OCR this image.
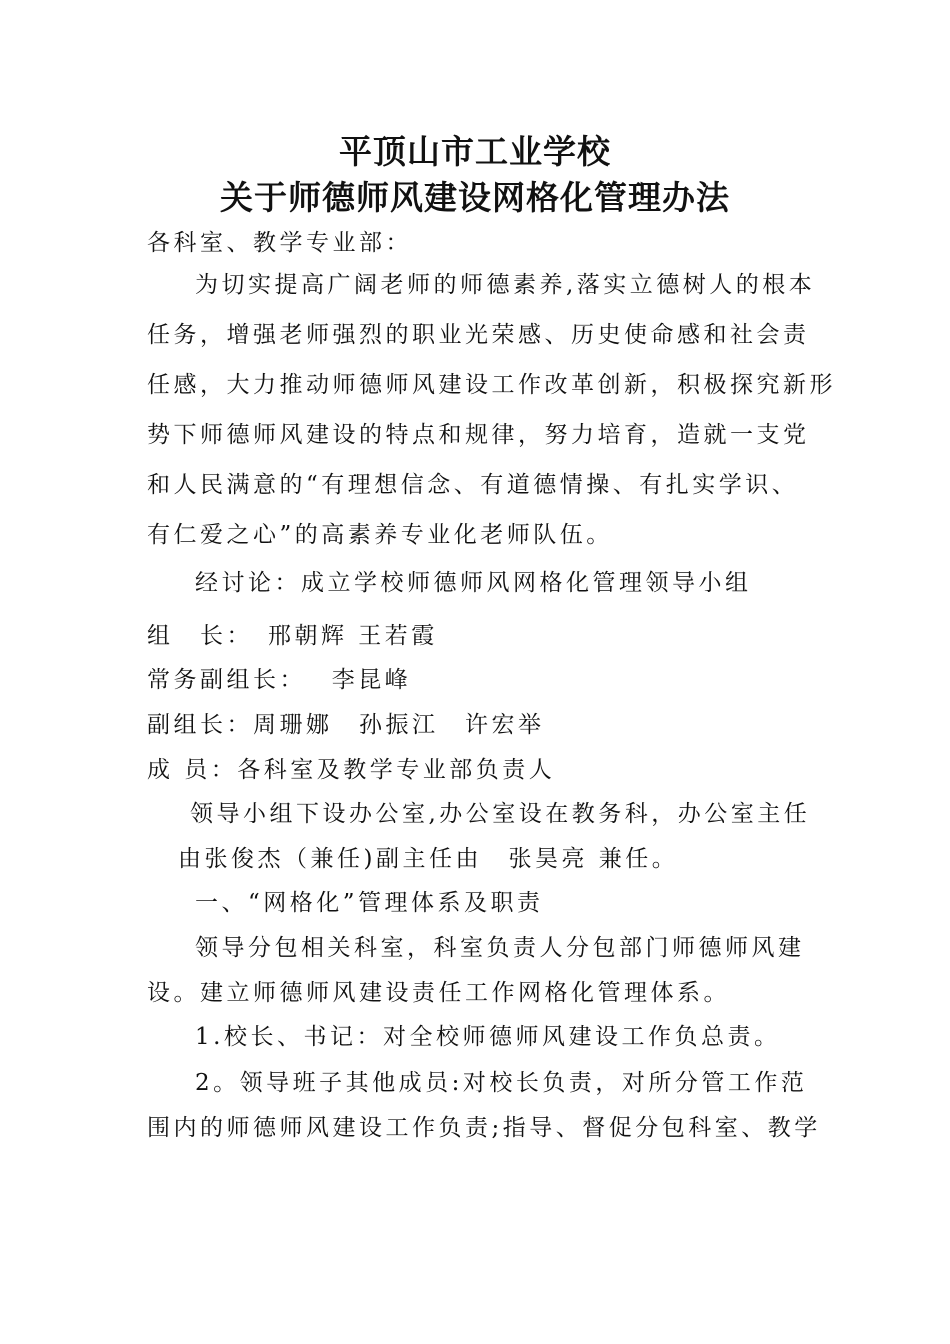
平顶山市工业学校
关于师德师风建设网格化管理办法
各科室、教学专业部：
为切实提高广阔老师的师德素养,落实立德树人的根本
任务，增强老师强烈的职业光荣感、历史使命感和社会责
任感，大力推动师德师风建设工作改革创新，积极探究新形
势下师德师风建设的特点和规律，努力培育，造就一支党
和人民满意的“有理想信念、有道德情操、有扎实学识、
有仁爱之心”的高素养专业化老师队伍。
经讨论：成立学校师德师风网格化管理领导小组
组　长：　邢朝辉 王若霞
常务副组长：　 李昆峰
副组长：周珊娜　孙振江　许宏举
成 员：各科室及教学专业部负责人
领导小组下设办公室,办公室设在教务科，办公室主任
由张俊杰（兼任)副主任由　张昊亮 兼任。
一、“网格化”管理体系及职责
领导分包相关科室，科室负责人分包部门师德师风建
设。建立师德师风建设责任工作网格化管理体系。
1.校长、书记：对全校师德师风建设工作负总责。
2。领导班子其他成员:对校长负责，对所分管工作范
围内的师德师风建设工作负责;指导、督促分包科室、教学
